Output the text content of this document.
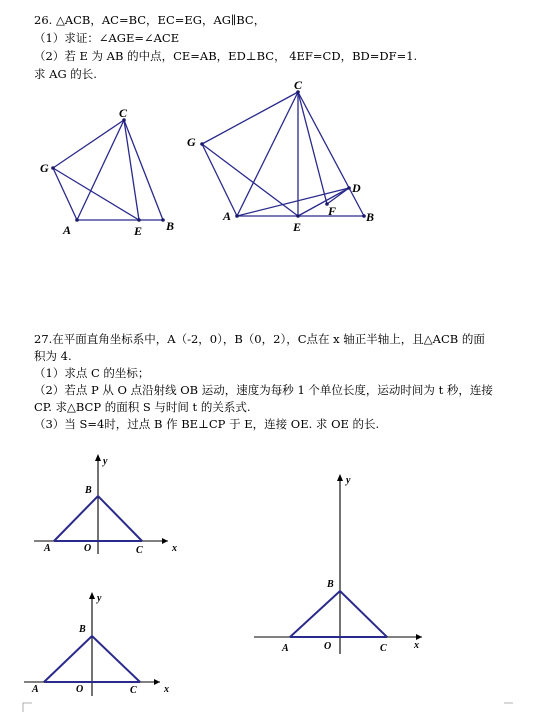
26. △ACB，AC=BC，EC=EG，AG∥BC，
（1）求证：∠AGE=∠ACE
（2）若 E 为 AB 的中点，CE=AB，ED⊥BC， 4EF=CD，BD=DF=1.
求 AG 的长.
C
G
A	E B
C
G
D
F
A
E
B
27.在平面直角坐标系中，A（-2，0），B（0，2），C点在 x 轴正半轴上，且△ACB 的面
积为 4.
（1）求点 C 的坐标；
（2）若点 P 从 O 点沿射线 OB 运动，速度为每秒 1 个单位长度，运动时间为 t 秒，连接
CP. 求△BCP 的面积 S 与时间 t 的关系式.
（3）当 S=4时，过点 B 作 BE⊥CP 于 E，连接 OE. 求 OE 的长.
y
x
B
A	O	C
y
x
B
A	O	C
y
x
B
A	O	C
